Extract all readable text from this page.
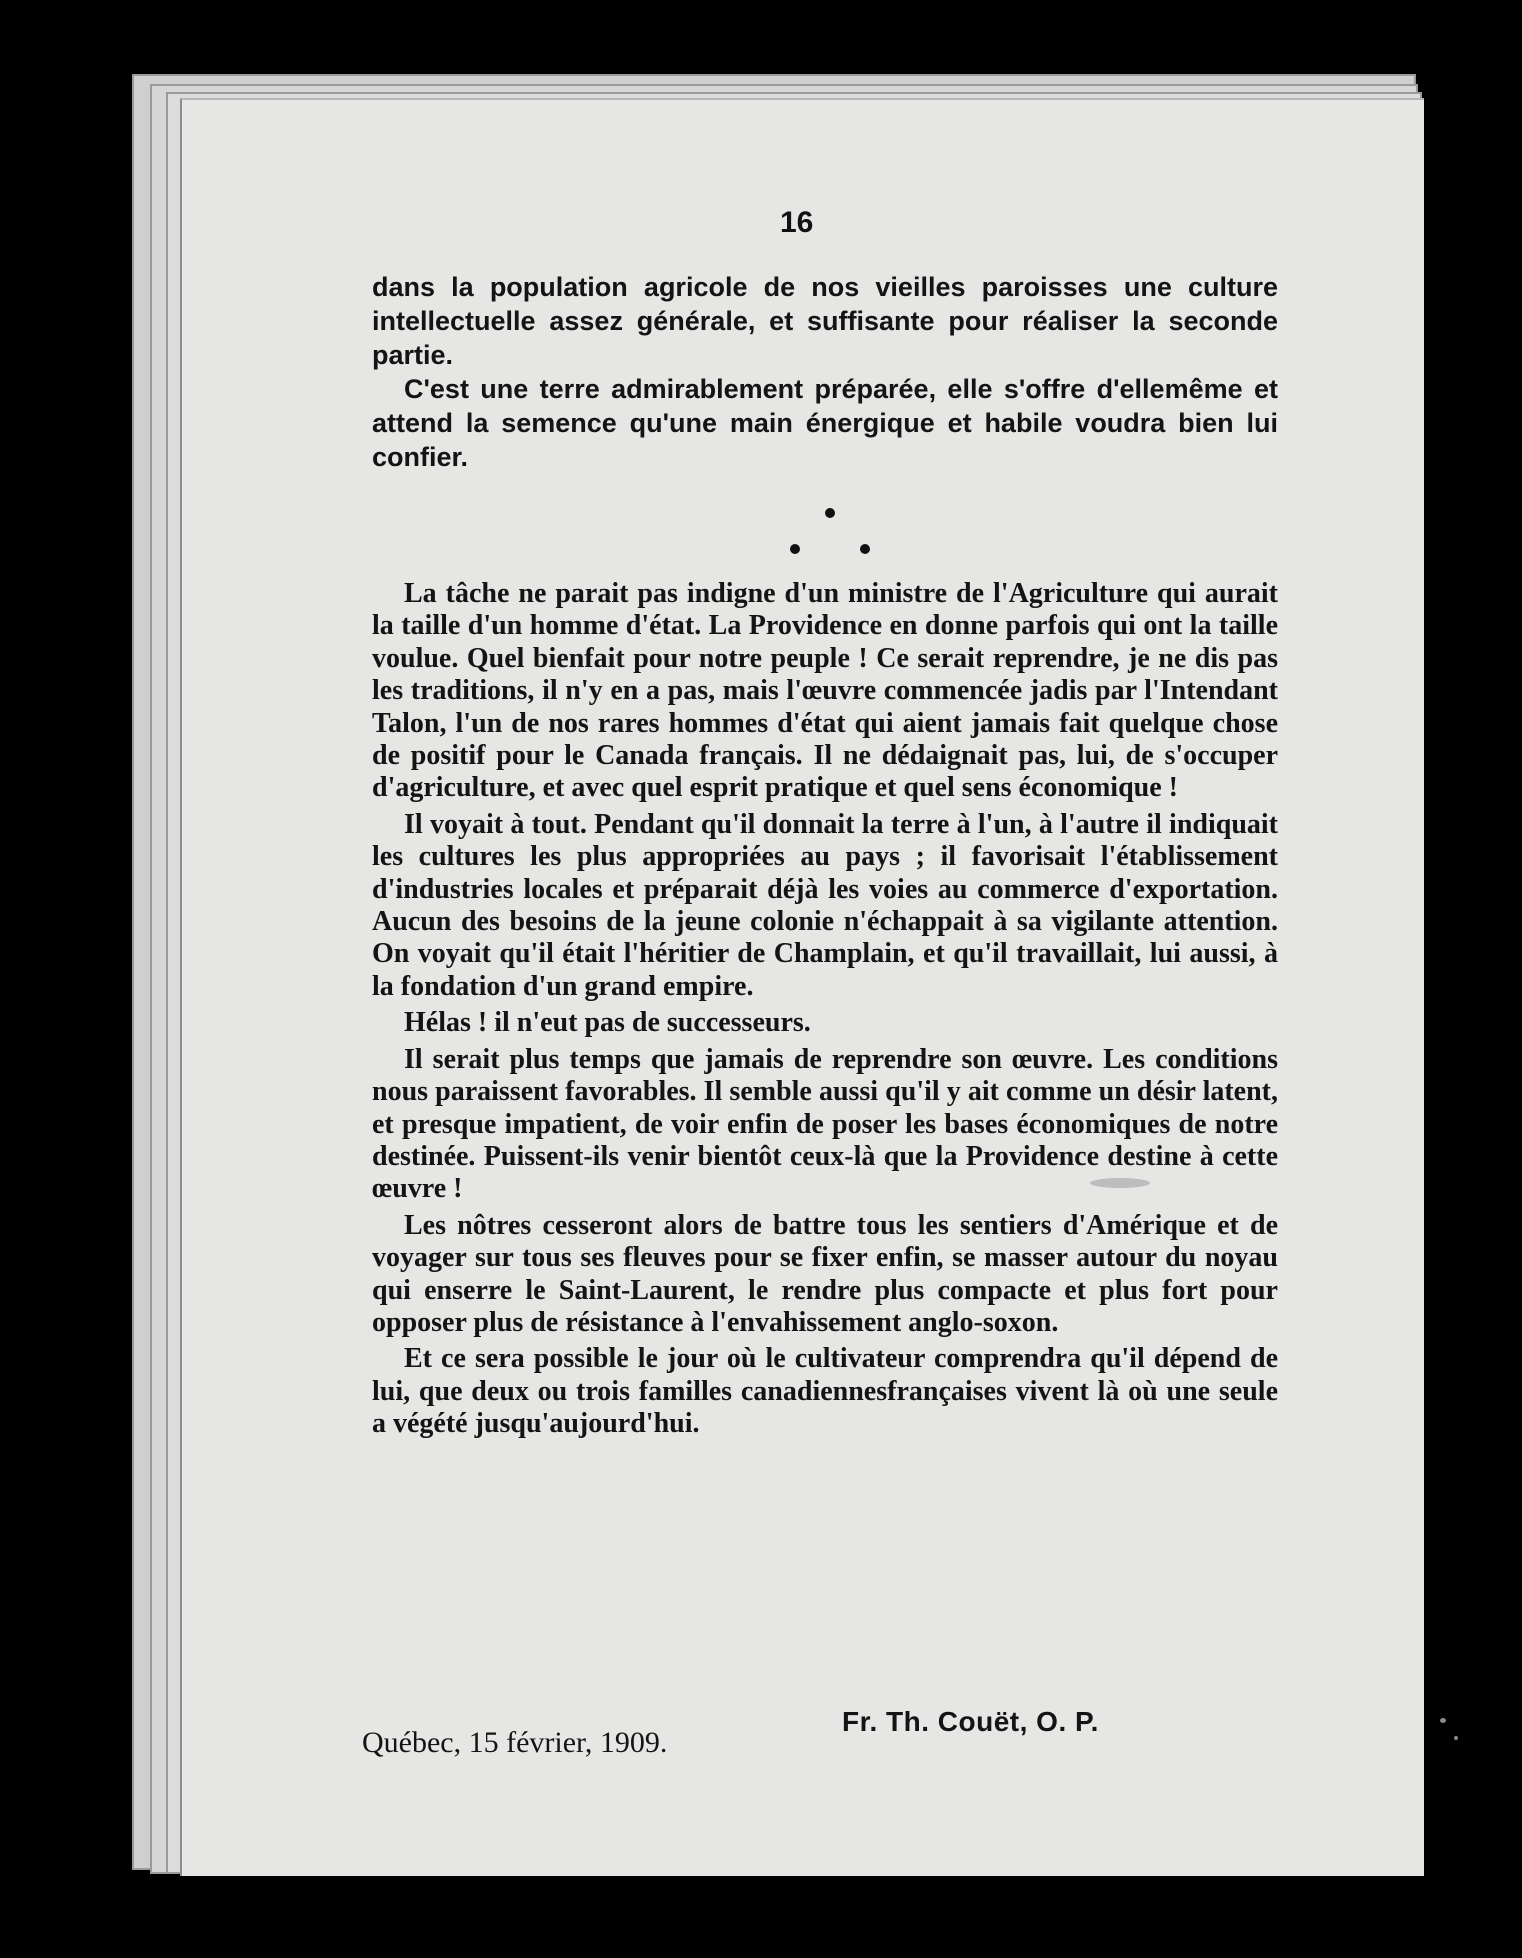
16

dans la population agricole de nos vieilles paroisses une culture intellectuelle assez générale, et suffisante pour réaliser la seconde partie.

C'est une terre admirablement préparée, elle s'offre d'ellemême et attend la semence qu'une main énergique et habile voudra bien lui confier.

La tâche ne parait pas indigne d'un ministre de l'Agriculture qui aurait la taille d'un homme d'état. La Providence en donne parfois qui ont la taille voulue. Quel bienfait pour notre peuple ! Ce serait reprendre, je ne dis pas les traditions, il n'y en a pas, mais l'œuvre commencée jadis par l'Intendant Talon, l'un de nos rares hommes d'état qui aient jamais fait quelque chose de positif pour le Canada français. Il ne dédaignait pas, lui, de s'occuper d'agriculture, et avec quel esprit pratique et quel sens économique !

Il voyait à tout. Pendant qu'il donnait la terre à l'un, à l'autre il indiquait les cultures les plus appropriées au pays ; il favorisait l'établissement d'industries locales et préparait déjà les voies au commerce d'exportation. Aucun des besoins de la jeune colonie n'échappait à sa vigilante attention. On voyait qu'il était l'héritier de Champlain, et qu'il travaillait, lui aussi, à la fondation d'un grand empire.

Hélas ! il n'eut pas de successeurs.

Il serait plus temps que jamais de reprendre son œuvre. Les conditions nous paraissent favorables. Il semble aussi qu'il y ait comme un désir latent, et presque impatient, de voir enfin de poser les bases économiques de notre destinée. Puissent-ils venir bientôt ceux-là que la Providence destine à cette œuvre !

Les nôtres cesseront alors de battre tous les sentiers d'Amérique et de voyager sur tous ses fleuves pour se fixer enfin, se masser autour du noyau qui enserre le Saint-Laurent, le rendre plus compacte et plus fort pour opposer plus de résistance à l'envahissement anglo-soxon.

Et ce sera possible le jour où le cultivateur comprendra qu'il dépend de lui, que deux ou trois familles canadiennesfrançaises vivent là où une seule a végété jusqu'aujourd'hui.

Québec, 15 février, 1909.
Fr. Th. Couët, O. P.
